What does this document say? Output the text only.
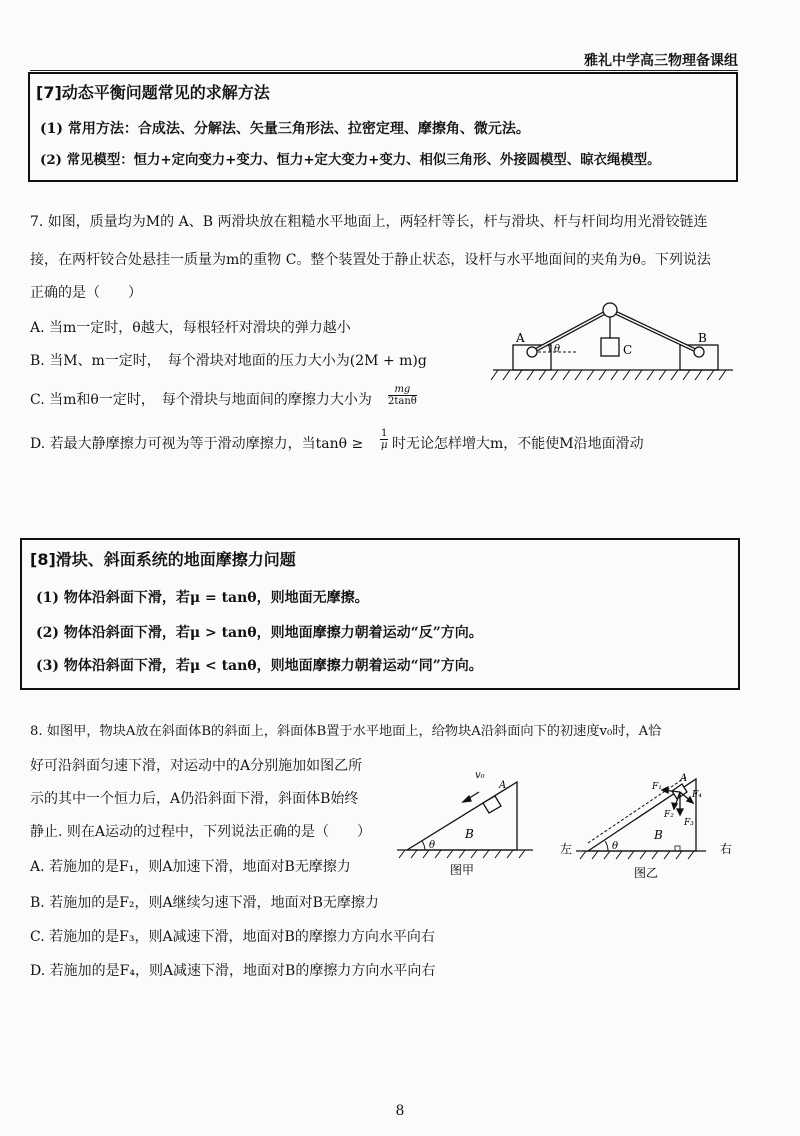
雅礼中学高三物理备课组
[7]动态平衡问题常见的求解方法
(1) 常用方法：合成法、分解法、矢量三角形法、拉密定理、摩擦角、微元法。
(2) 常见模型：恒力+定向变力+变力、恒力+定大变力+变力、相似三角形、外接圆模型、晾衣绳模型。
7. 如图，质量均为M的 A、B 两滑块放在粗糙水平地面上，两轻杆等长，杆与滑块、杆与杆间均用光滑铰链连
接，在两杆铰合处悬挂一质量为m的重物 C。整个装置处于静止状态，设杆与水平地面间的夹角为θ。下列说法
正确的是（　　）
A. 当m一定时，θ越大，每根轻杆对滑块的弹力越小
B. 当M、m一定时，　每个滑块对地面的压力大小为(2M + m)g
C. 当m和θ一定时，　每个滑块与地面间的摩擦力大小为 $\frac{mg}{2\tan\theta}$
D. 若最大静摩擦力可视为等于滑动摩擦力，当$\tan\theta \ge \frac{1}{\mu}$ 时无论怎样增大m，不能使M沿地面滑动
A	B
C
θ
[8]滑块、斜面系统的地面摩擦力问题
(1) 物体沿斜面下滑，若μ = tanθ，则地面无摩擦。
(2) 物体沿斜面下滑，若μ > tanθ，则地面摩擦力朝着运动“反”方向。
(3) 物体沿斜面下滑，若μ < tanθ，则地面摩擦力朝着运动“同”方向。
8. 如图甲，物块A放在斜面体B的斜面上，斜面体B置于水平地面上，给物块A沿斜面向下的初速度v₀时，A恰
好可沿斜面匀速下滑，对运动中的A分别施加如图乙所
示的其中一个恒力后，A仍沿斜面下滑，斜面体B始终
静止. 则在A运动的过程中，下列说法正确的是（　　）
A. 若施加的是F₁，则A加速下滑，地面对B无摩擦力
B. 若施加的是F₂，则A继续匀速下滑，地面对B无摩擦力
C. 若施加的是F₃，则A减速下滑，地面对B的摩擦力方向水平向右
D. 若施加的是F₄，则A减速下滑，地面对B的摩擦力方向水平向右
v₀
A
B
θ
图甲
A
F₁
F₂
F₃
F₄
B
θ
左	右
图乙
8
